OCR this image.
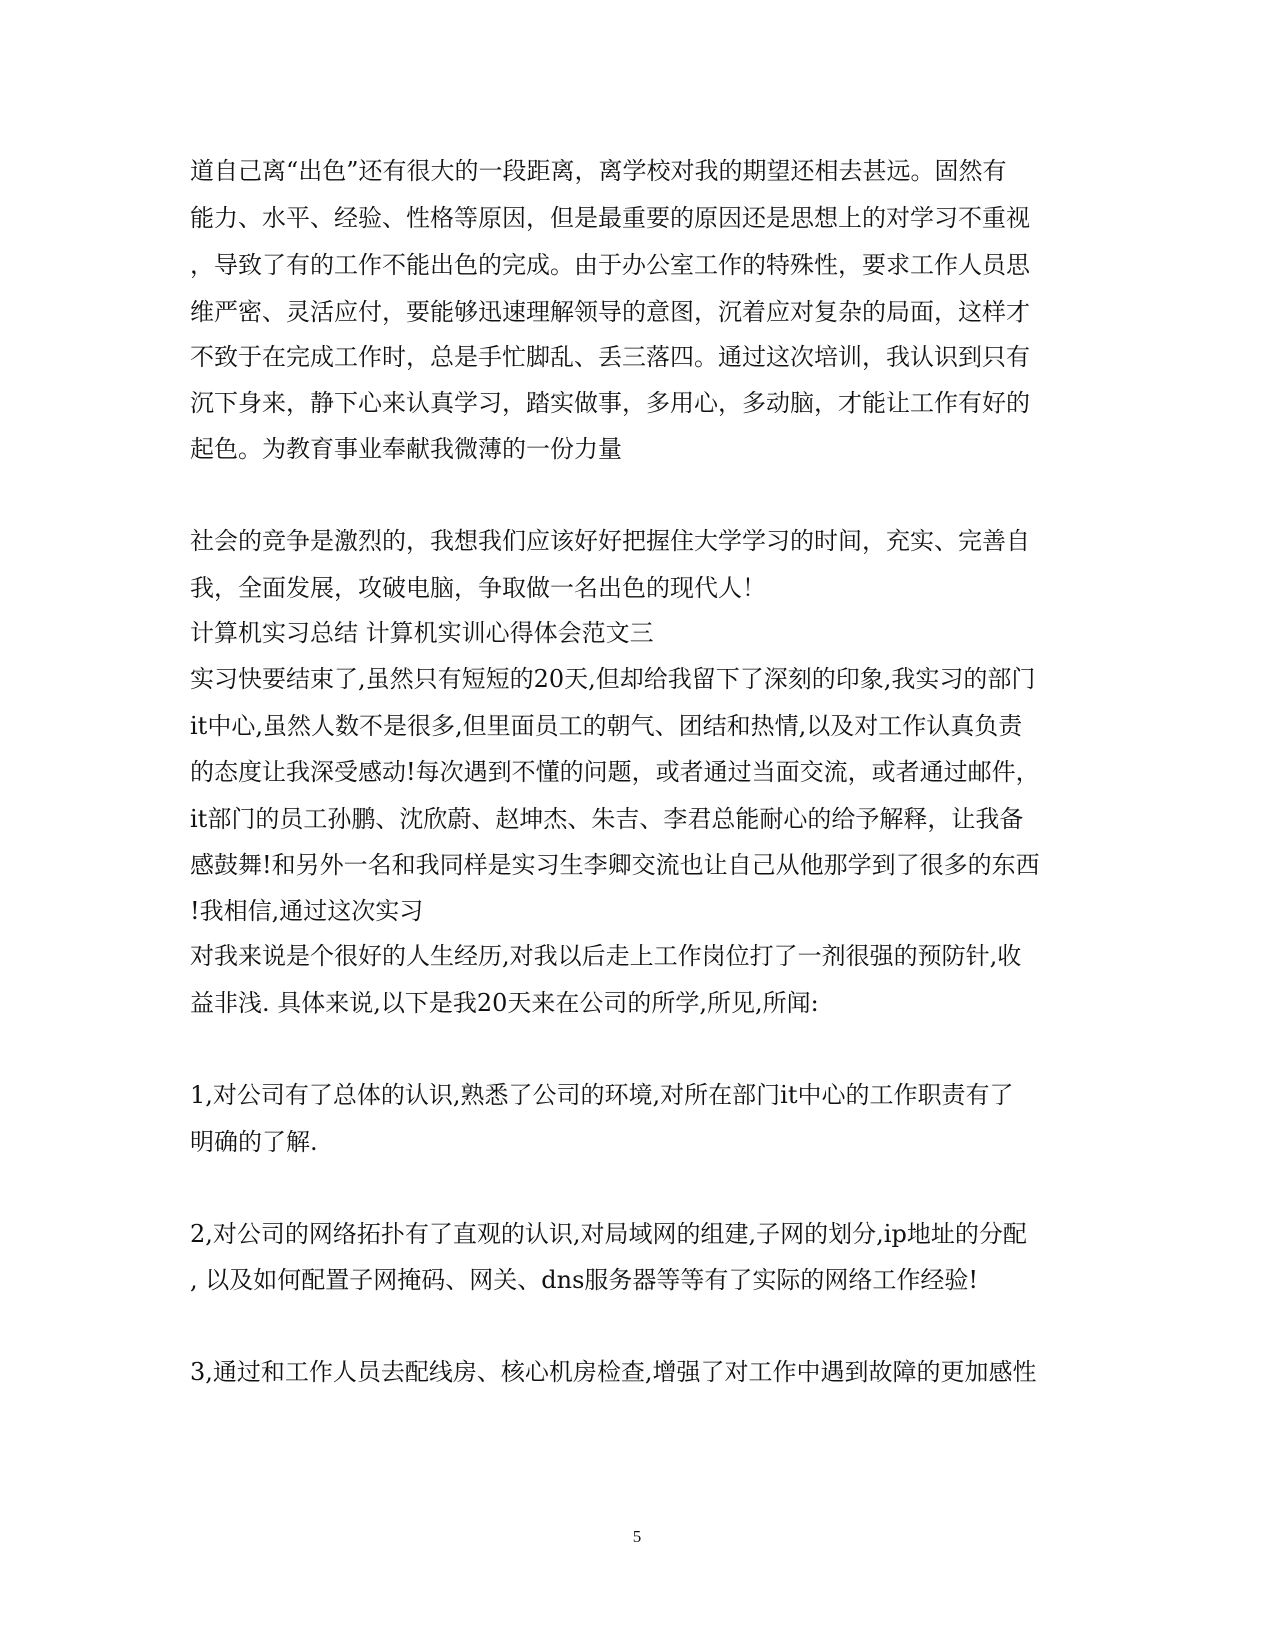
道自己离“出色”还有很大的一段距离，离学校对我的期望还相去甚远。固然有
能力、水平、经验、性格等原因，但是最重要的原因还是思想上的对学习不重视
，导致了有的工作不能出色的完成。由于办公室工作的特殊性，要求工作人员思
维严密、灵活应付，要能够迅速理解领导的意图，沉着应对复杂的局面，这样才
不致于在完成工作时，总是手忙脚乱、丢三落四。通过这次培训，我认识到只有
沉下身来，静下心来认真学习，踏实做事，多用心，多动脑，才能让工作有好的
起色。为教育事业奉献我微薄的一份力量
社会的竞争是激烈的，我想我们应该好好把握住大学学习的时间，充实、完善自
我，全面发展，攻破电脑，争取做一名出色的现代人！
计算机实习总结 计算机实训心得体会范文三
实习快要结束了,虽然只有短短的20天,但却给我留下了深刻的印象,我实习的部门
it中心,虽然人数不是很多,但里面员工的朝气、团结和热情,以及对工作认真负责
的态度让我深受感动!每次遇到不懂的问题，或者通过当面交流，或者通过邮件，
it部门的员工孙鹏、沈欣蔚、赵坤杰、朱吉、李君总能耐心的给予解释，让我备
感鼓舞!和另外一名和我同样是实习生李卿交流也让自己从他那学到了很多的东西
!我相信,通过这次实习
对我来说是个很好的人生经历,对我以后走上工作岗位打了一剂很强的预防针,收
益非浅. 具体来说,以下是我20天来在公司的所学,所见,所闻:
1,对公司有了总体的认识,熟悉了公司的环境,对所在部门it中心的工作职责有了
明确的了解.
2,对公司的网络拓扑有了直观的认识,对局域网的组建,子网的划分,ip地址的分配
, 以及如何配置子网掩码、网关、dns服务器等等有了实际的网络工作经验!
3,通过和工作人员去配线房、核心机房检查,增强了对工作中遇到故障的更加感性
5
